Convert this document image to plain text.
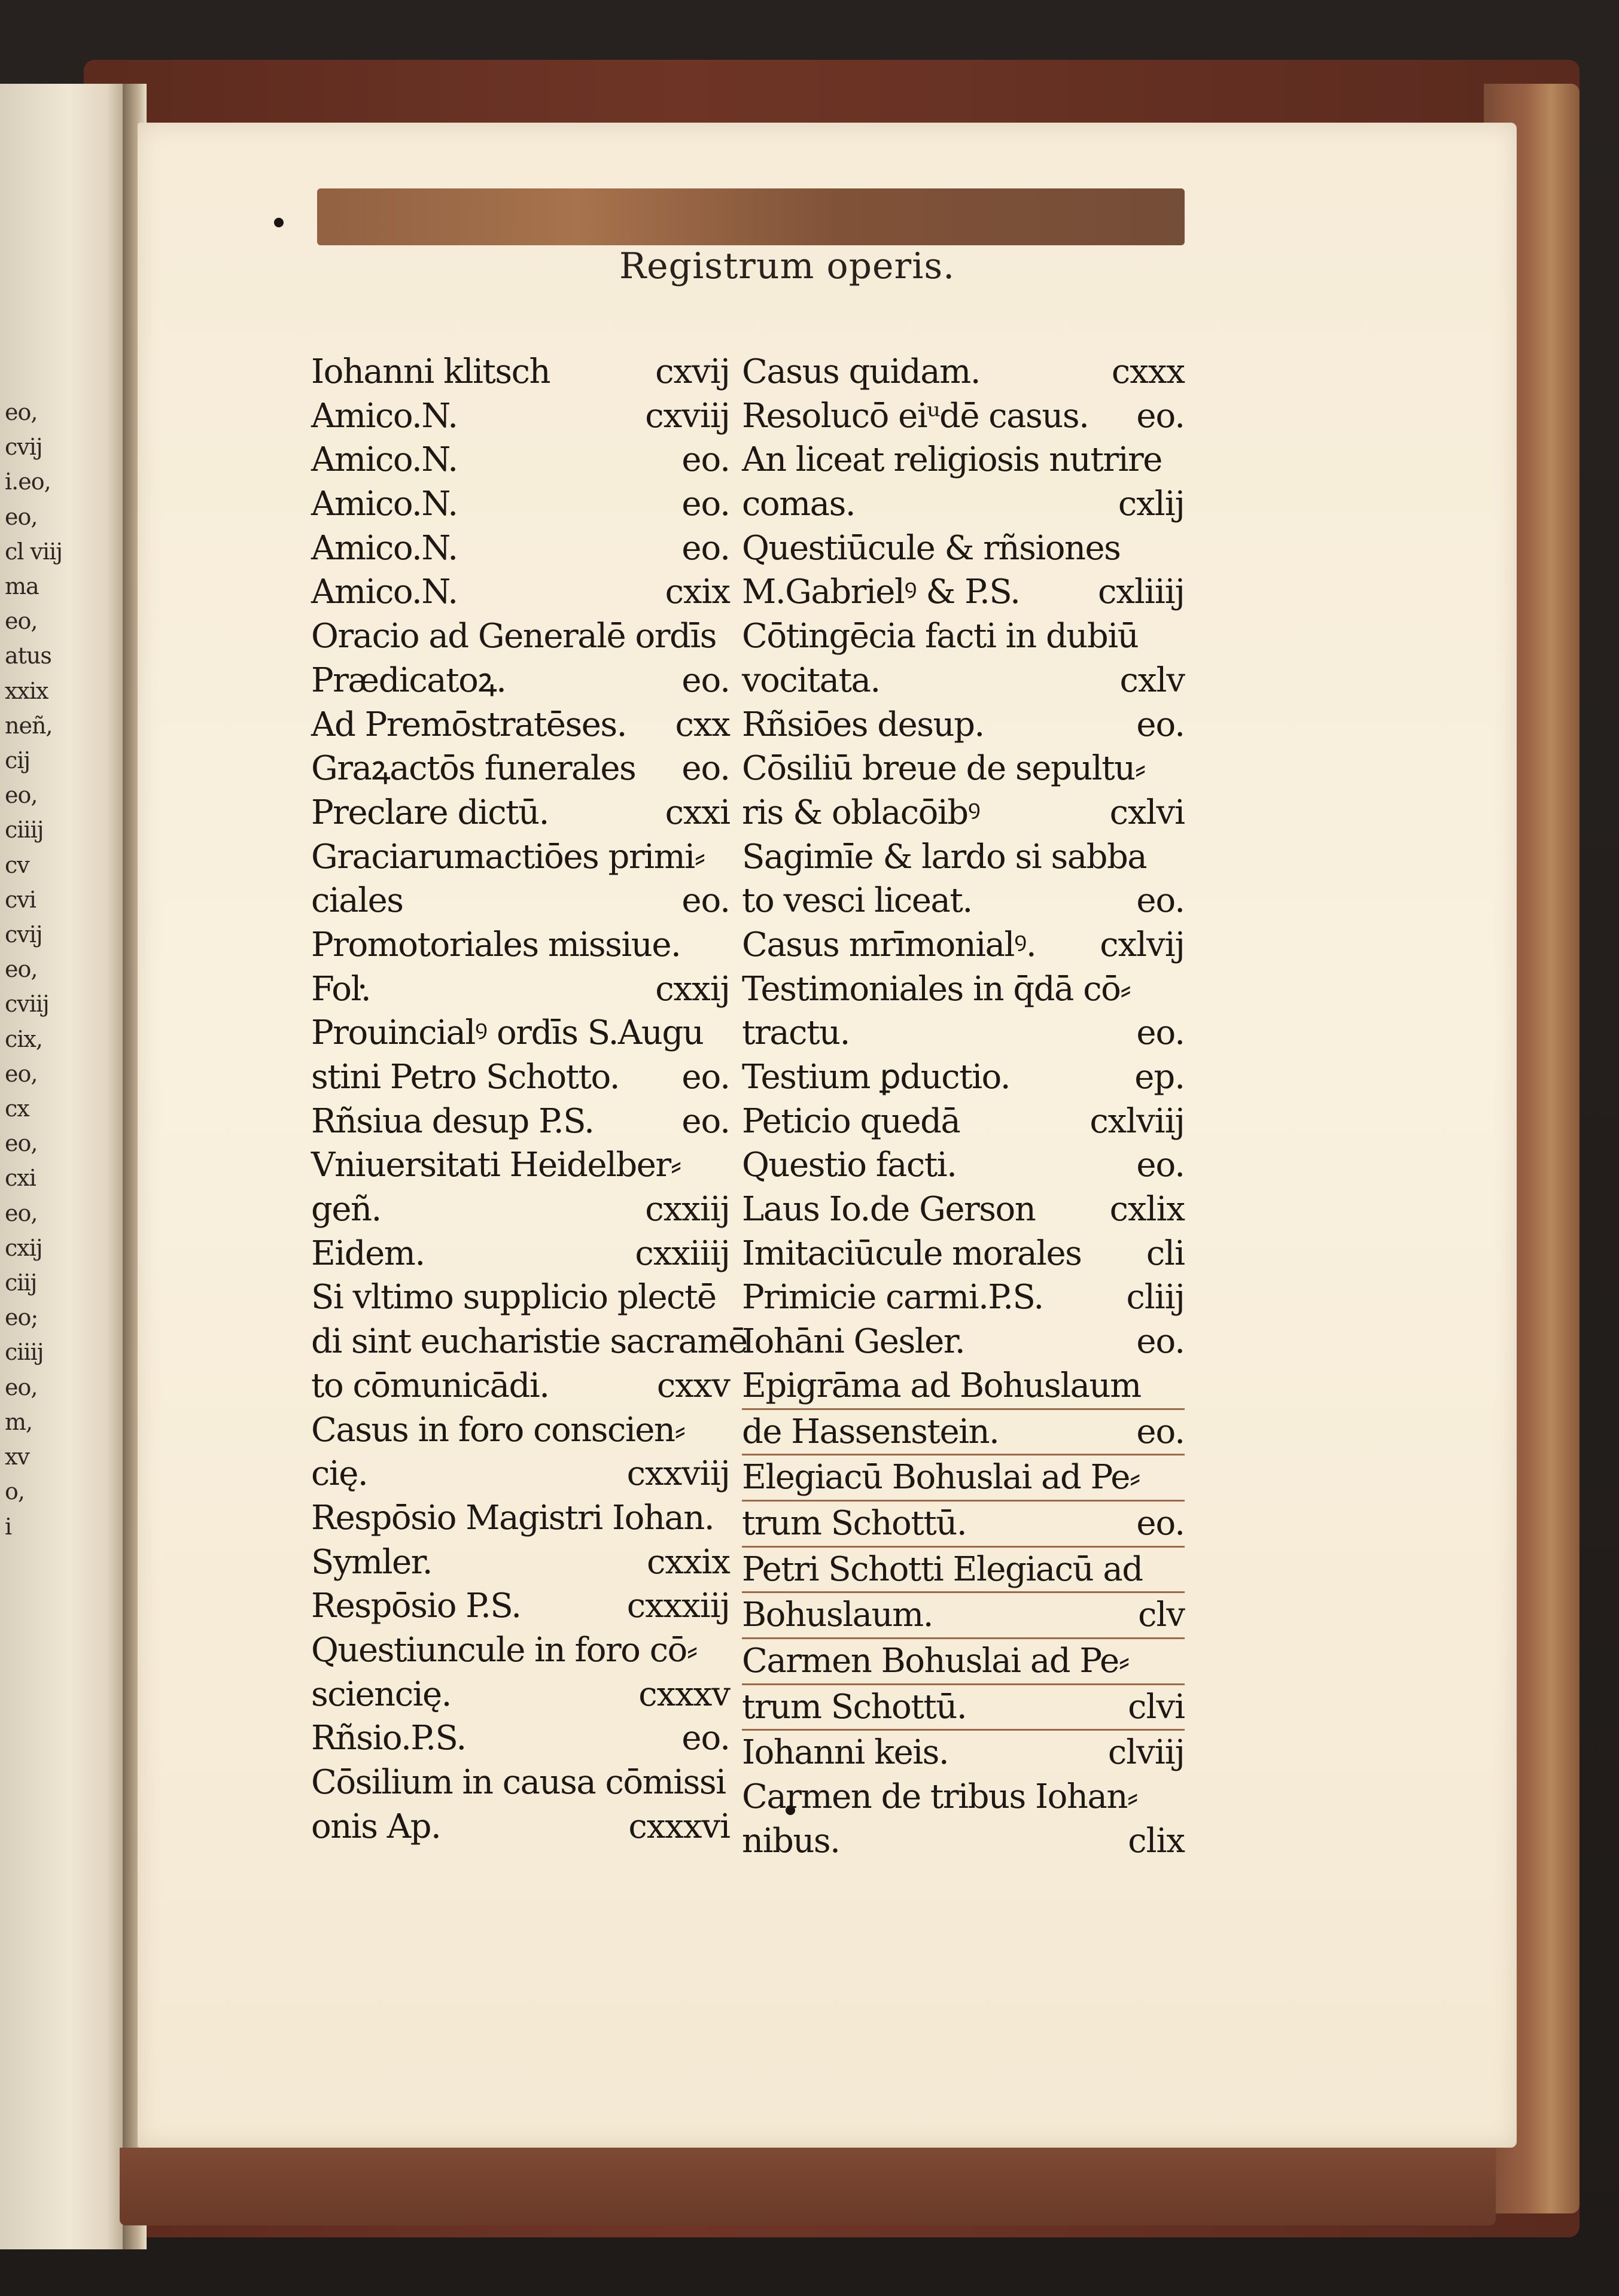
eo,
cvij
i.eo,
eo,
cl viij
ma
eo,
atus
xxix
neñ,
cij
eo,
ciiij
cv
cvi
cvij
eo,
cviij
cix,
eo,
cx
eo,
cxi
eo,
cxij
ciij
eo;
ciiij
eo,
m,
xv
o,
i
Registrum operis.
Iohanni klitsch	cxvij
Amico.N.	cxviij
Amico.N.	eo.
Amico.N.	eo.
Amico.N.	eo.
Amico.N.	cxix
Oracio ad Generalē ordīs
Prædicatoꝝ.	eo.
Ad Premōstratēses. cxx
Graꝝactōs funerales eo.
Preclare dictū.	cxxi
Graciarumactiōes primi⸗
ciales	eo.
Promotoriales missiue.
Foŀ.	cxxij
Prouincialꝰ ordīs S.Augu
stini Petro Schotto. eo.
Rñsiua desup P.S.	eo.
Vniuersitati Heidelber⸗
geñ.	cxxiij
Eidem.	cxxiiij
Si vltimo supplicio plectē
di sint eucharistie sacramē
to cōmunicādi.	cxxv
Casus in foro conscien⸗
cię.	cxxviij
Respōsio Magistri Iohan.
Symler.	cxxix
Respōsio P.S.	cxxxiij
Questiuncule in foro cō⸗
sciencię.	cxxxv
Rñsio.P.S.	eo.
Cōsilium in causa cōmissi
onis Ap.	cxxxvi
Casus quidam.	cxxx
Resolucō eiᵘdē casus. eo.
An liceat religiosis nutrire
comas.	cxlij
Questiūcule & rñsiones
M.Gabrielꝰ & P.S. cxliiij
Cōtingēcia facti in dubiū
vocitata.	cxlv
Rñsiōes desup.	eo.
Cōsiliū breue de sepultu⸗
ris & oblacōibꝰ	cxlvi
Sagimīe & lardo si sabba
to vesci liceat.	eo.
Casus mrīmonialꝰ. cxlvij
Testimoniales in q̄dā cō⸗
tractu.	eo.
Testium ꝑductio.	ep.
Peticio quedā	cxlviij
Questio facti.	eo.
Laus Io.de Gerson cxlix
Imitaciūcule morales cli
Primicie carmi.P.S. cliij
Iohāni Gesler.	eo.
Epigrāma ad Bohuslaum
de Hassenstein.	eo.
Elegiacū Bohuslai ad Pe⸗
trum Schottū.	eo.
Petri Schotti Elegiacū ad
Bohuslaum.	clv
Carmen Bohuslai ad Pe⸗
trum Schottū.	clvi
Iohanni keis.	clviij
Carmen de tribus Iohan⸗
nibus.	clix
